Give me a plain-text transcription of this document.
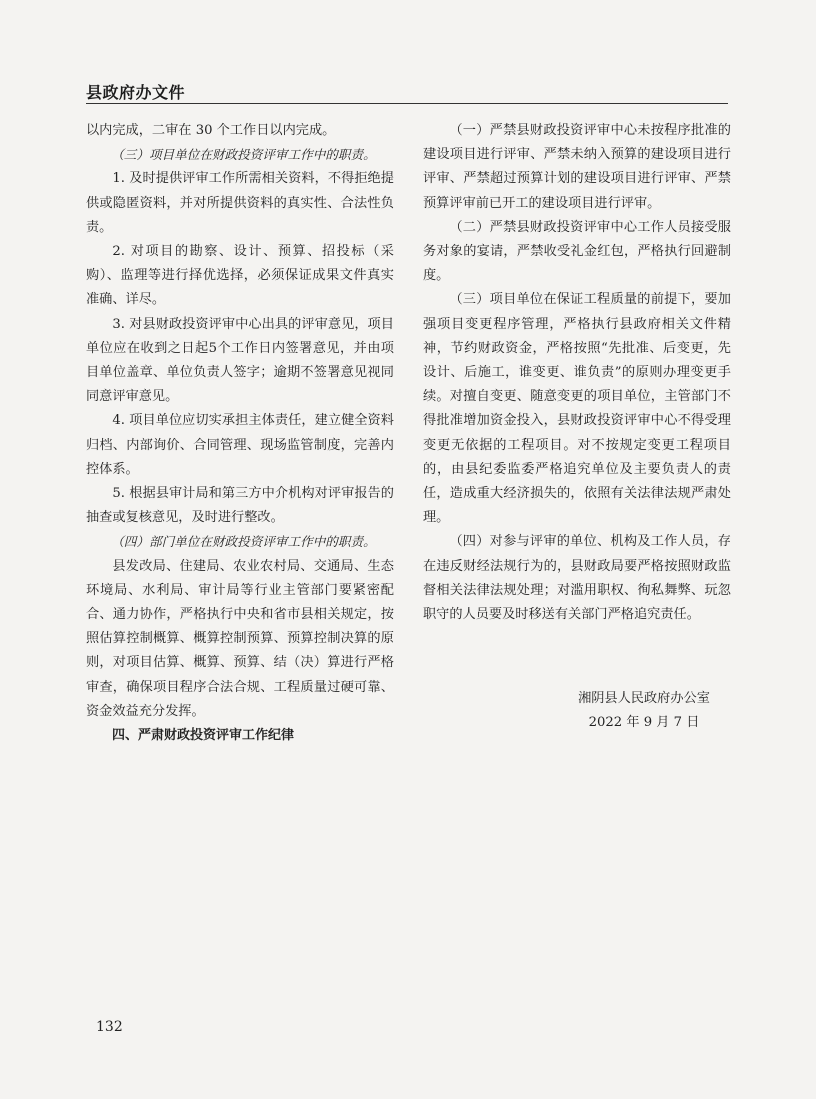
县政府办文件

以内完成，二审在 30 个工作日以内完成。

（三）项目单位在财政投资评审工作中的职责。

1. 及时提供评审工作所需相关资料，不得拒绝提供或隐匿资料，并对所提供资料的真实性、合法性负责。

2. 对项目的勘察、设计、预算、招投标（采购）、监理等进行择优选择，必须保证成果文件真实准确、详尽。

3. 对县财政投资评审中心出具的评审意见，项目单位应在收到之日起5个工作日内签署意见，并由项目单位盖章、单位负责人签字；逾期不签署意见视同同意评审意见。

4. 项目单位应切实承担主体责任，建立健全资料归档、内部询价、合同管理、现场监管制度，完善内控体系。

5. 根据县审计局和第三方中介机构对评审报告的抽查或复核意见，及时进行整改。

（四）部门单位在财政投资评审工作中的职责。

县发改局、住建局、农业农村局、交通局、生态环境局、水利局、审计局等行业主管部门要紧密配合、通力协作，严格执行中央和省市县相关规定，按照估算控制概算、概算控制预算、预算控制决算的原则，对项目估算、概算、预算、结（决）算进行严格审查，确保项目程序合法合规、工程质量过硬可靠、资金效益充分发挥。

四、严肃财政投资评审工作纪律

（一）严禁县财政投资评审中心未按程序批准的建设项目进行评审、严禁未纳入预算的建设项目进行评审、严禁超过预算计划的建设项目进行评审、严禁预算评审前已开工的建设项目进行评审。

（二）严禁县财政投资评审中心工作人员接受服务对象的宴请，严禁收受礼金红包，严格执行回避制度。

（三）项目单位在保证工程质量的前提下，要加强项目变更程序管理，严格执行县政府相关文件精神，节约财政资金，严格按照“先批准、后变更，先设计、后施工，谁变更、谁负责”的原则办理变更手续。对擅自变更、随意变更的项目单位，主管部门不得批准增加资金投入，县财政投资评审中心不得受理变更无依据的工程项目。对不按规定变更工程项目的，由县纪委监委严格追究单位及主要负责人的责任，造成重大经济损失的，依照有关法律法规严肃处理。

（四）对参与评审的单位、机构及工作人员，存在违反财经法规行为的，县财政局要严格按照财政监督相关法律法规处理；对滥用职权、徇私舞弊、玩忽职守的人员要及时移送有关部门严格追究责任。

湘阴县人民政府办公室
2022 年 9 月 7 日
132
